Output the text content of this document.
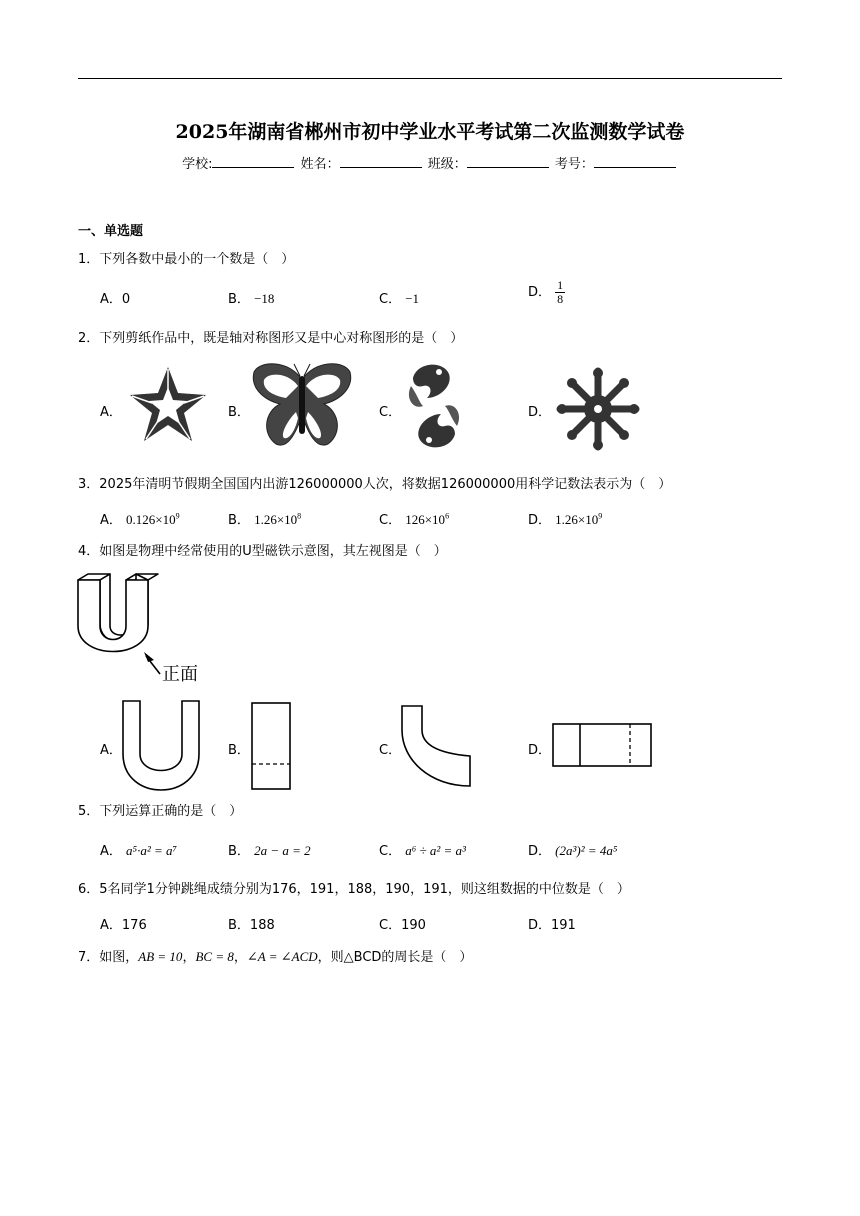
2025年湖南省郴州市初中学业水平考试第二次监测数学试卷
学校:	姓名：	班级：	考号：
一、单选题
1．下列各数中最小的一个数是（　）
A．0	B． −18	C． −1	D． $\frac{1}{8}$
2．下列剪纸作品中，既是轴对称图形又是中心对称图形的是（　）
A．	B．	C．	D．
3．2025年清明节假期全国国内出游126000000人次，将数据126000000用科学记数法表示为（　）
A． $0.126\times 10^9$	B． $1.26\times 10^8$	C． $126\times 10^6$	D． $1.26\times 10^9$
4．如图是物理中经常使用的U型磁铁示意图，其左视图是（　）
正面
A．	B．	C．	D．
5．下列运算正确的是（　）
A． a⁵·a² = a⁷	B． 2a − a = 2	C． a⁶ ÷ a² = a³	D． (2a³)² = 4a⁵
6．5名同学1分钟跳绳成绩分别为176，191，188，190，191，则这组数据的中位数是（　）
A．176	B．188	C．190	D．191
7．如图，AB = 10，BC = 8，∠A = ∠ACD，则△BCD的周长是（　）
